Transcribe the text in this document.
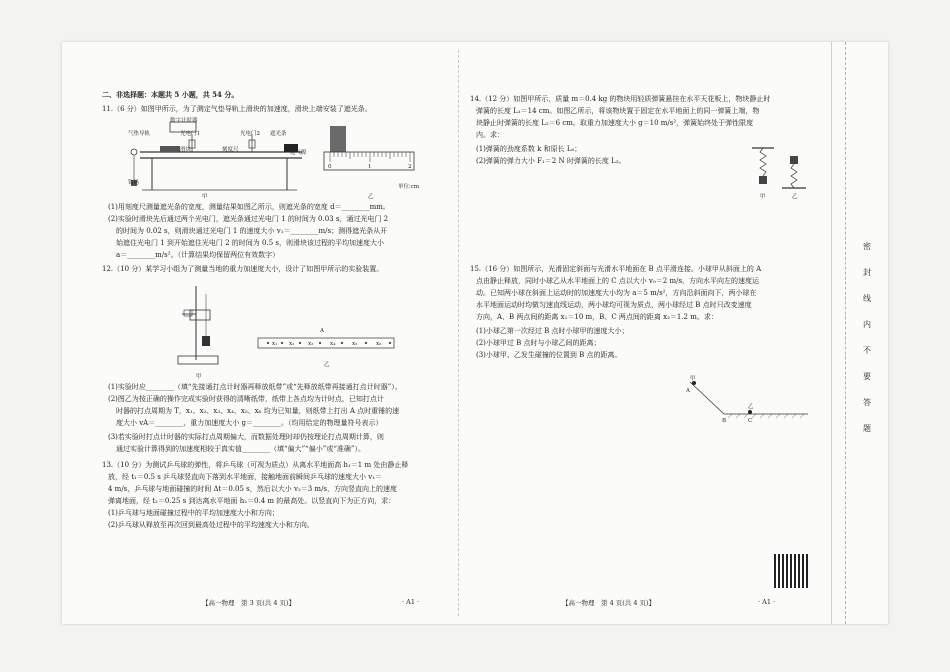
二、非选择题：本题共 5 小题，共 54 分。
11.（6 分）如图甲所示，为了测定气垫导轨上滑块的加速度，滑块上端安装了遮光条。
数字计时器
气垫导轨	光电门1	光电门2 遮光条
滑块	刻度尺	连气源
钩码
甲
0	1	2
单位:cm
乙
(1)用刻度尺测量遮光条的宽度，测量结果如图乙所示，则遮光条的宽度 d＝________mm。
(2)实验时滑块先后通过两个光电门，遮光条通过光电门 1 的时间为 0.03 s，通过光电门 2
的时间为 0.02 s，则滑块通过光电门 1 的速度大小 v₁＝________m/s；测得遮光条从开
始遮住光电门 1 到开始遮住光电门 2 的时间为 0.5 s，则滑块该过程的平均加速度大小
a＝________m/s²。（计算结果均保留两位有效数字）
12.（10 分）某学习小组为了测量当地的重力加速度大小，设计了如图甲所示的实验装置。
甲
A
x₁ x₂ x₃	x₄	x₅	x₆
乙
(1)实验时应________（填“先接通打点计时器再释放纸带”或“先释放纸带再接通打点计时器”）。
(2)图乙为按正确的操作完成实验时获得的清晰纸带，纸带上各点均为计时点，已知打点计
时器的打点周期为 T，x₁、x₂、x₃、x₄、x₅、x₆ 均为已知量，则纸带上打出 A 点时重锤的速
度大小 vA＝________，重力加速度大小 g＝________。（均用给定的物理量符号表示）
(3)若实验时打点计时器的实际打点周期偏大，而数据处理时却仍按理论打点周期计算，则
通过实验计算得到的加速度相较于真实值________（填“偏大”“偏小”或“准确”）。
13.（10 分）为测试乒乓球的弹性，将乒乓球（可视为质点）从离水平地面高 h₁＝1 m 处由静止释
放，经 t₁＝0.5 s 乒乓球竖直向下落到水平地面，接触地面前瞬间乒乓球的速度大小 v₁＝
4 m/s，乒乓球与地面碰撞的时间 Δt＝0.05 s，然后以大小 v₂＝3 m/s，方向竖直向上的速度
弹离地面，经 t₂＝0.25 s 到达离水平地面 h₂＝0.4 m 的最高处。以竖直向下为正方向，求：
(1)乒乓球与地面碰撞过程中的平均加速度大小和方向；
(2)乒乓球从释放至再次回到最高处过程中的平均速度大小和方向。
【高一物理　第 3 页(共 4 页)】	· A1 ·
14.（12 分）如图甲所示，质量 m＝0.4 kg 的物块用轻质弹簧悬挂在水平天花板上，物块静止时
弹簧的长度 L₁＝14 cm。如图乙所示，将该物块置于固定在水平地面上的同一弹簧上端，物
块静止时弹簧的长度 L₂＝6 cm。取重力加速度大小 g＝10 m/s²，弹簧始终处于弹性限度
内。求：
(1)弹簧的劲度系数 k 和原长 L₀；
(2)弹簧的弹力大小 F₁＝2 N 时弹簧的长度 L₃。
甲	乙
15.（16 分）如图所示，光滑固定斜面与光滑水平地面在 B 点平滑连接。小球甲从斜面上的 A
点由静止释放，同时小球乙从水平地面上的 C 点以大小 v₀＝2 m/s，方向水平向左的速度运
动。已知两小球在斜面上运动时的加速度大小均为 a＝5 m/s²，方向沿斜面向下，两小球在
水平地面运动时均做匀速直线运动，两小球均可视为质点，两小球经过 B 点时只改变速度
方向，A、B 两点间的距离 x₁＝10 m，B、C 两点间的距离 x₂＝1.2 m。求：
(1)小球乙第一次经过 B 点时小球甲的速度大小；
(2)小球甲过 B 点时与小球乙间的距离；
(3)小球甲、乙发生碰撞的位置到 B 点的距离。
甲
A
乙
B	C
【高一物理　第 4 页(共 4 页)】	· A1 ·
密
封
线
内
不
要
答
题
